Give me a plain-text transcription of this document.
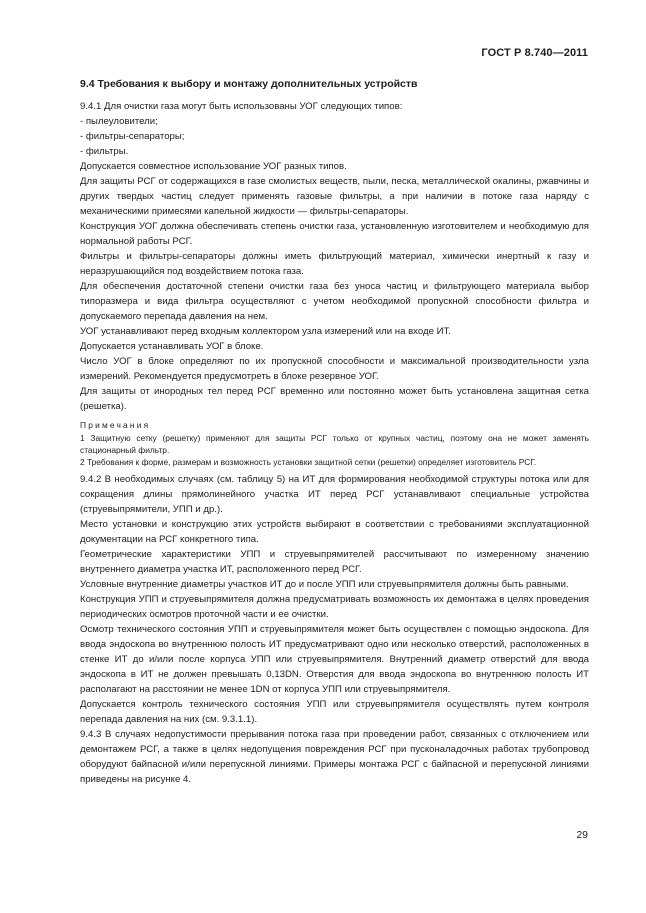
ГОСТ Р 8.740—2011
9.4 Требования к выбору и монтажу дополнительных устройств

9.4.1 Для очистки газа могут быть использованы УОГ следующих типов:

- пылеуловители;

- фильтры-сепараторы;

- фильтры.

Допускается совместное использование УОГ разных типов.

Для защиты РСГ от содержащихся в газе смолистых веществ, пыли, песка, металлической окалины, ржавчины и других твердых частиц следует применять газовые фильтры, а при наличии в потоке газа наряду с механическими примесями капельной жидкости — фильтры-сепараторы.

Конструкция УОГ должна обеспечивать степень очистки газа, установленную изготовителем и необходимую для нормальной работы РСГ.

Фильтры и фильтры-сепараторы должны иметь фильтрующий материал, химически инертный к газу и неразрушающийся под воздействием потока газа.

Для обеспечения достаточной степени очистки газа без уноса частиц и фильтрующего материала выбор типоразмера и вида фильтра осуществляют с учетом необходимой пропускной способности фильтра и допускаемого перепада давления на нем.

УОГ устанавливают перед входным коллектором узла измерений или на входе ИТ.

Допускается устанавливать УОГ в блоке.

Число УОГ в блоке определяют по их пропускной способности и максимальной производительности узла измерений. Рекомендуется предусмотреть в блоке резервное УОГ.

Для защиты от инородных тел перед РСГ временно или постоянно может быть установлена защитная сетка (решетка).

Примечания

1 Защитную сетку (решетку) применяют для защиты РСГ только от крупных частиц, поэтому она не может заменять стационарный фильтр.

2 Требования к форме, размерам и возможность установки защитной сетки (решетки) определяет изготовитель РСГ.

9.4.2 В необходимых случаях (см. таблицу 5) на ИТ для формирования необходимой структуры потока или для сокращения длины прямолинейного участка ИТ перед РСГ устанавливают специальные устройства (струевыпрямители, УПП и др.).

Место установки и конструкцию этих устройств выбирают в соответствии с требованиями эксплуатационной документации на РСГ конкретного типа.

Геометрические характеристики УПП и струевыпрямителей рассчитывают по измеренному значению внутреннего диаметра участка ИТ, расположенного перед РСГ.

Условные внутренние диаметры участков ИТ до и после УПП или струевыпрямителя должны быть равными.

Конструкция УПП и струевыпрямителя должна предусматривать возможность их демонтажа в целях проведения периодических осмотров проточной части и ее очистки.

Осмотр технического состояния УПП и струевыпрямителя может быть осуществлен с помощью эндоскопа. Для ввода эндоскопа во внутреннюю полость ИТ предусматривают одно или несколько отверстий, расположенных в стенке ИТ до и/или после корпуса УПП или струевыпрямителя. Внутренний диаметр отверстий для ввода эндоскопа в ИТ не должен превышать 0,13DN. Отверстия для ввода эндоскопа во внутреннюю полость ИТ располагают на расстоянии не менее 1DN от корпуса УПП или струевыпрямителя.

Допускается контроль технического состояния УПП или струевыпрямителя осуществлять путем контроля перепада давления на них (см. 9.3.1.1).

9.4.3 В случаях недопустимости прерывания потока газа при проведении работ, связанных с отключением или демонтажем РСГ, а также в целях недопущения повреждения РСГ при пусконаладочных работах трубопровод оборудуют байпасной и/или перепускной линиями. Примеры монтажа РСГ с байпасной и перепускной линиями приведены на рисунке 4.

29
